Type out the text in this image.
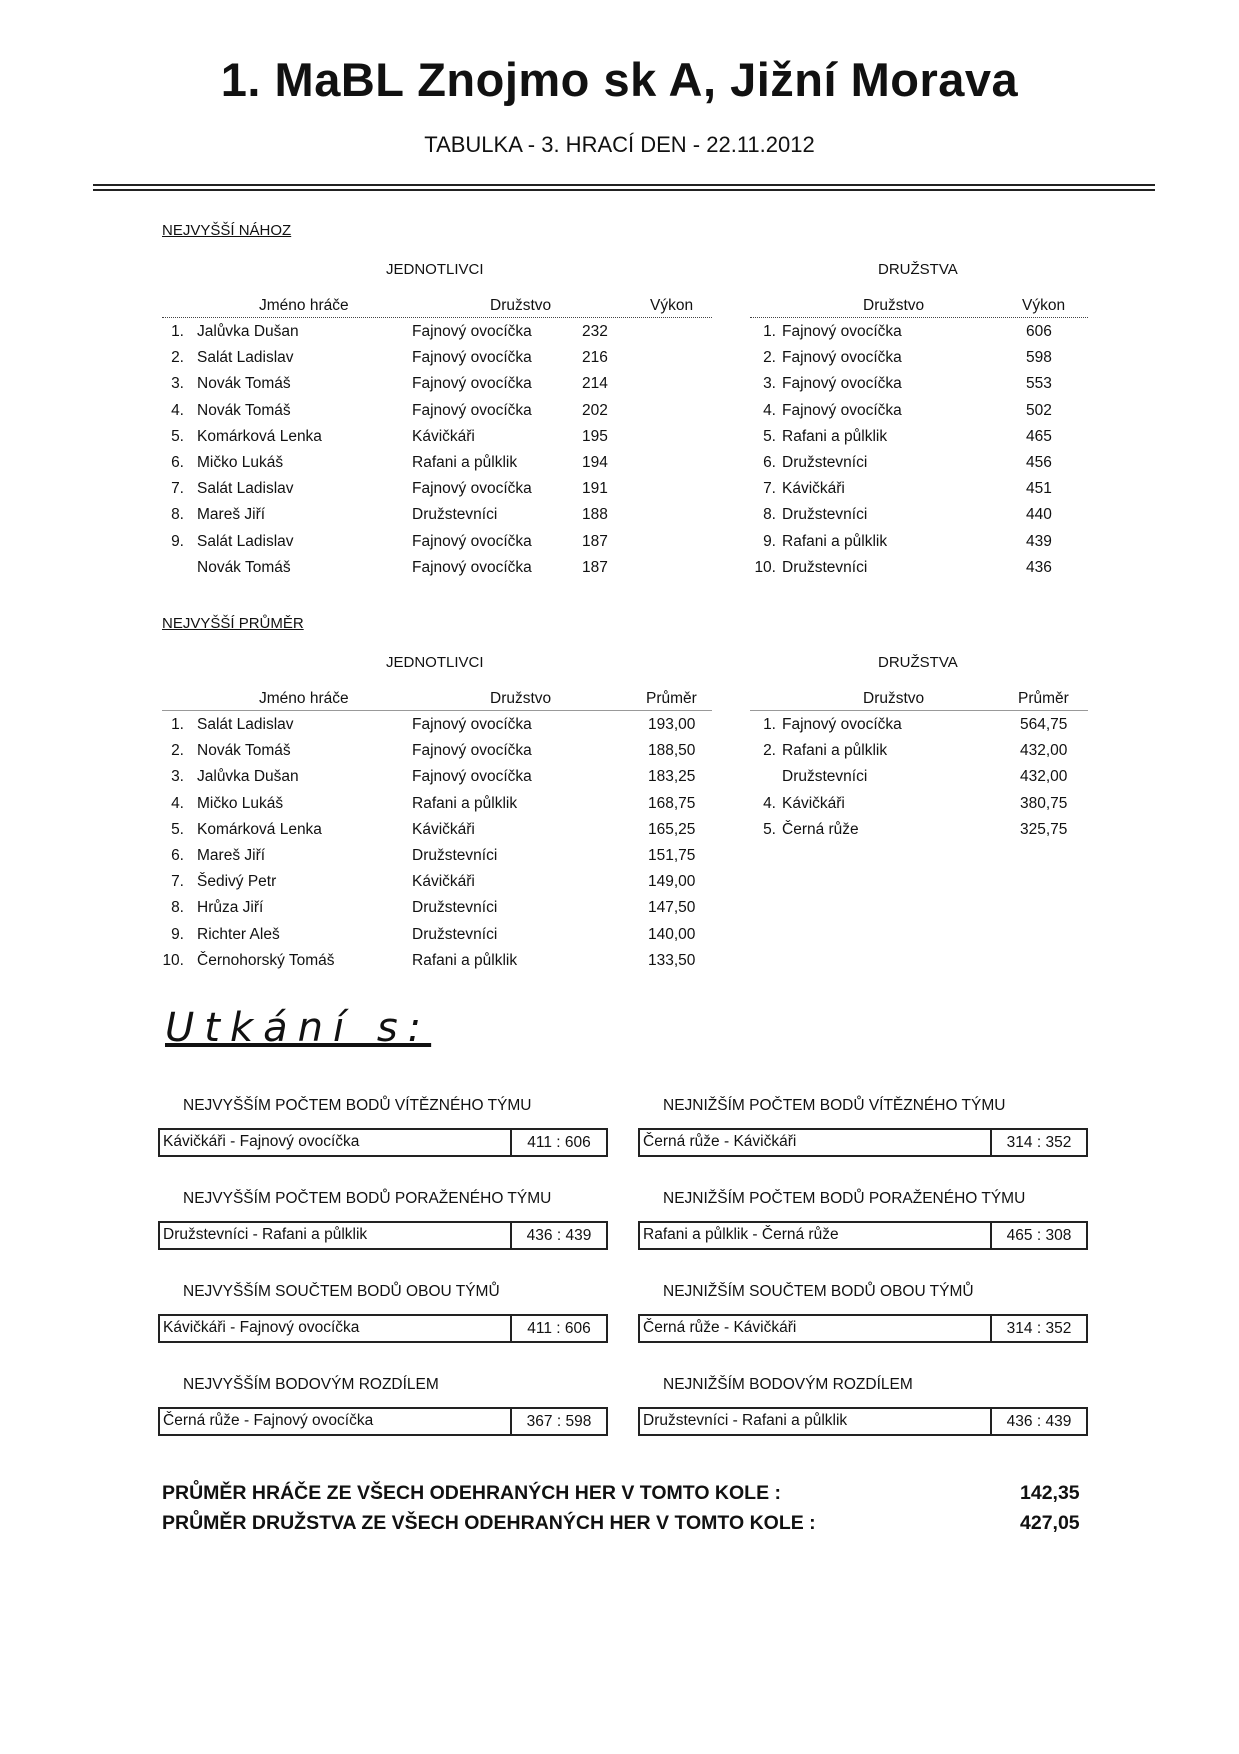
1. MaBL Znojmo sk A, Jižní Morava
TABULKA - 3. HRACÍ DEN - 22.11.2012
NEJVYŠŠÍ NÁHOZ
JEDNOTLIVCI	DRUŽSTVA
Jméno hráče	Družstvo	Výkon
1. Jalůvka Dušan	Fajnový ovocíčka	232
2. Salát Ladislav	Fajnový ovocíčka	216
3. Novák Tomáš	Fajnový ovocíčka	214
4. Novák Tomáš	Fajnový ovocíčka	202
5. Komárková Lenka	Kávičkáři	195
6. Mičko Lukáš	Rafani a půlklik	194
7. Salát Ladislav	Fajnový ovocíčka	191
8. Mareš Jiří	Družstevníci	188
9. Salát Ladislav	Fajnový ovocíčka	187
Novák Tomáš	Fajnový ovocíčka	187
Družstvo	Výkon
1. Fajnový ovocíčka	606
2. Fajnový ovocíčka	598
3. Fajnový ovocíčka	553
4. Fajnový ovocíčka	502
5. Rafani a půlklik	465
6. Družstevníci	456
7. Kávičkáři	451
8. Družstevníci	440
9. Rafani a půlklik	439
10. Družstevníci	436
NEJVYŠŠÍ PRŮMĚR
JEDNOTLIVCI	DRUŽSTVA
Jméno hráče	Družstvo	Průměr
1. Salát Ladislav	Fajnový ovocíčka	193,00
2. Novák Tomáš	Fajnový ovocíčka	188,50
3. Jalůvka Dušan	Fajnový ovocíčka	183,25
4. Mičko Lukáš	Rafani a půlklik	168,75
5. Komárková Lenka	Kávičkáři	165,25
6. Mareš Jiří	Družstevníci	151,75
7. Šedivý Petr	Kávičkáři	149,00
8. Hrůza Jiří	Družstevníci	147,50
9. Richter Aleš	Družstevníci	140,00
10. Černohorský Tomáš	Rafani a půlklik	133,50
Družstvo	Průměr
1. Fajnový ovocíčka	564,75
2. Rafani a půlklik	432,00
Družstevníci	432,00
4. Kávičkáři	380,75
5. Černá růže	325,75
Utkání s:
NEJVYŠŠÍM POČTEM BODŮ VÍTĚZNÉHO TÝMU
Kávičkáři - Fajnový ovocíčka	411 : 606
NEJNIŽŠÍM POČTEM BODŮ VÍTĚZNÉHO TÝMU
Černá růže - Kávičkáři	314 : 352
NEJVYŠŠÍM POČTEM BODŮ PORAŽENÉHO TÝMU
Družstevníci - Rafani a půlklik	436 : 439
NEJNIŽŠÍM POČTEM BODŮ PORAŽENÉHO TÝMU
Rafani a půlklik - Černá růže	465 : 308
NEJVYŠŠÍM SOUČTEM BODŮ OBOU TÝMŮ
Kávičkáři - Fajnový ovocíčka	411 : 606
NEJNIŽŠÍM SOUČTEM BODŮ OBOU TÝMŮ
Černá růže - Kávičkáři	314 : 352
NEJVYŠŠÍM BODOVÝM ROZDÍLEM
Černá růže - Fajnový ovocíčka	367 : 598
NEJNIŽŠÍM BODOVÝM ROZDÍLEM
Družstevníci - Rafani a půlklik	436 : 439
PRŮMĚR HRÁČE ZE VŠECH ODEHRANÝCH HER V TOMTO KOLE :	142,35
PRŮMĚR DRUŽSTVA ZE VŠECH ODEHRANÝCH HER V TOMTO KOLE :	427,05
